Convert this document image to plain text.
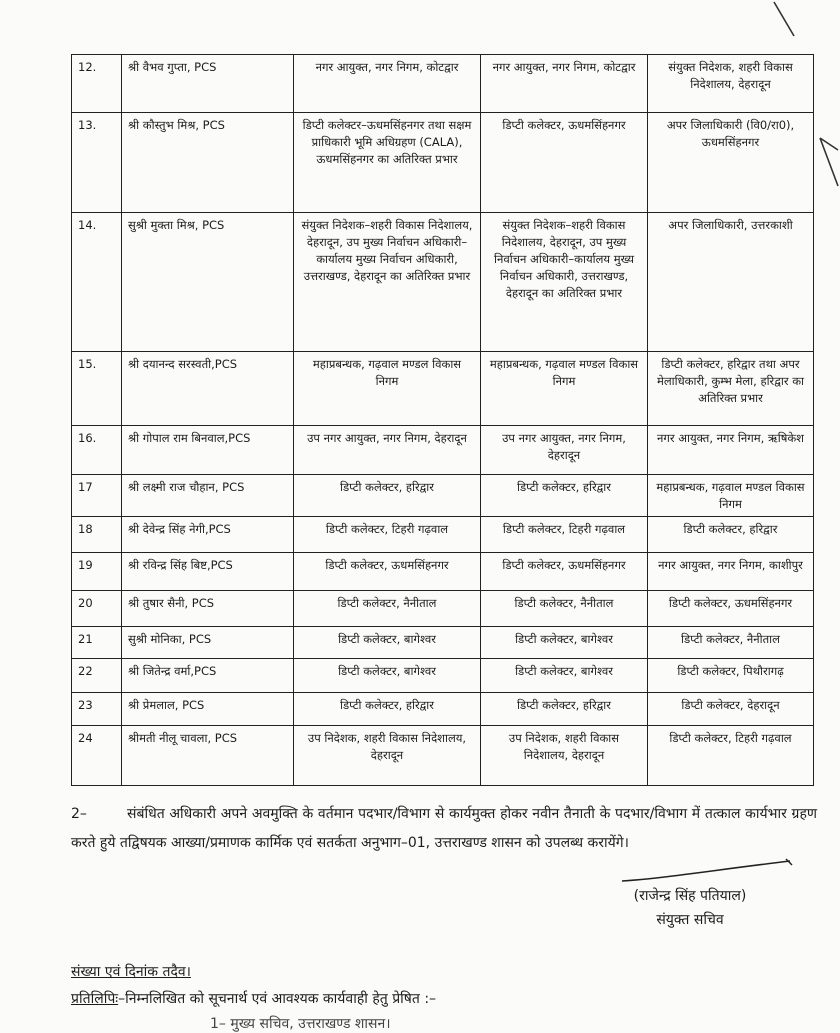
12.	श्री वैभव गुप्ता, PCS	नगर आयुक्त, नगर निगम, कोटद्वार	नगर आयुक्त, नगर निगम, कोटद्वार	संयुक्त निदेशक, शहरी विकास निदेशालय, देहरादून
13.	श्री कौस्तुभ मिश्र, PCS	डिप्टी कलेक्टर–ऊधमसिंहनगर तथा सक्षम प्राधिकारी भूमि अधिग्रहण (CALA), ऊधमसिंहनगर का अतिरिक्त प्रभार	डिप्टी कलेक्टर, ऊधमसिंहनगर	अपर जिलाधिकारी (वि0/रा0), ऊधमसिंहनगर
14.	सुश्री मुक्ता मिश्र, PCS	संयुक्त निदेशक–शहरी विकास निदेशालय, देहरादून, उप मुख्य निर्वाचन अधिकारी–कार्यालय मुख्य निर्वाचन अधिकारी, उत्तराखण्ड, देहरादून का अतिरिक्त प्रभार	संयुक्त निदेशक–शहरी विकास निदेशालय, देहरादून, उप मुख्य निर्वाचन अधिकारी–कार्यालय मुख्य निर्वाचन अधिकारी, उत्तराखण्ड, देहरादून का अतिरिक्त प्रभार	अपर जिलाधिकारी, उत्तरकाशी
15.	श्री दयानन्द सरस्वती,PCS	महाप्रबन्धक, गढ़वाल मण्डल विकास निगम	महाप्रबन्धक, गढ़वाल मण्डल विकास निगम	डिप्टी कलेक्टर, हरिद्वार तथा अपर मेलाधिकारी, कुम्भ मेला, हरिद्वार का अतिरिक्त प्रभार
16.	श्री गोपाल राम बिनवाल,PCS	उप नगर आयुक्त, नगर निगम, देहरादून	उप नगर आयुक्त, नगर निगम, देहरादून	नगर आयुक्त, नगर निगम, ऋषिकेश
17	श्री लक्ष्मी राज चौहान, PCS	डिप्टी कलेक्टर, हरिद्वार	डिप्टी कलेक्टर, हरिद्वार	महाप्रबन्धक, गढ़वाल मण्डल विकास निगम
18	श्री देवेन्द्र सिंह नेगी,PCS	डिप्टी कलेक्टर, टिहरी गढ़वाल	डिप्टी कलेक्टर, टिहरी गढ़वाल	डिप्टी कलेक्टर, हरिद्वार
19	श्री रविन्द्र सिंह बिष्ट,PCS	डिप्टी कलेक्टर, ऊधमसिंहनगर	डिप्टी कलेक्टर, ऊधमसिंहनगर	नगर आयुक्त, नगर निगम, काशीपुर
20	श्री तुषार सैनी, PCS	डिप्टी कलेक्टर, नैनीताल	डिप्टी कलेक्टर, नैनीताल	डिप्टी कलेक्टर, ऊधमसिंहनगर
21	सुश्री मोनिका, PCS	डिप्टी कलेक्टर, बागेश्वर	डिप्टी कलेक्टर, बागेश्वर	डिप्टी कलेक्टर, नैनीताल
22	श्री जितेन्द्र वर्मा,PCS	डिप्टी कलेक्टर, बागेश्वर	डिप्टी कलेक्टर, बागेश्वर	डिप्टी कलेक्टर, पिथौरागढ़
23	श्री प्रेमलाल, PCS	डिप्टी कलेक्टर, हरिद्वार	डिप्टी कलेक्टर, हरिद्वार	डिप्टी कलेक्टर, देहरादून
24	श्रीमती नीलू चावला, PCS	उप निदेशक, शहरी विकास निदेशालय, देहरादून	उप निदेशक, शहरी विकास निदेशालय, देहरादून	डिप्टी कलेक्टर, टिहरी गढ़वाल
2–	संबंधित अधिकारी अपने अवमुक्ति के वर्तमान पदभार/विभाग से कार्यमुक्त होकर नवीन तैनाती के पदभार/विभाग में तत्काल कार्यभार ग्रहण करते हुये तद्विषयक आख्या/प्रमाणक कार्मिक एवं सतर्कता अनुभाग–01, उत्तराखण्ड शासन को उपलब्ध करायेंगे।
(राजेन्द्र सिंह पतियाल)
संयुक्त सचिव
संख्या एवं दिनांक तदैव।
प्रतिलिपिः–निम्नलिखित को सूचनार्थ एवं आवश्यक कार्यवाही हेतु प्रेषित :–
1– मुख्य सचिव, उत्तराखण्ड शासन।
